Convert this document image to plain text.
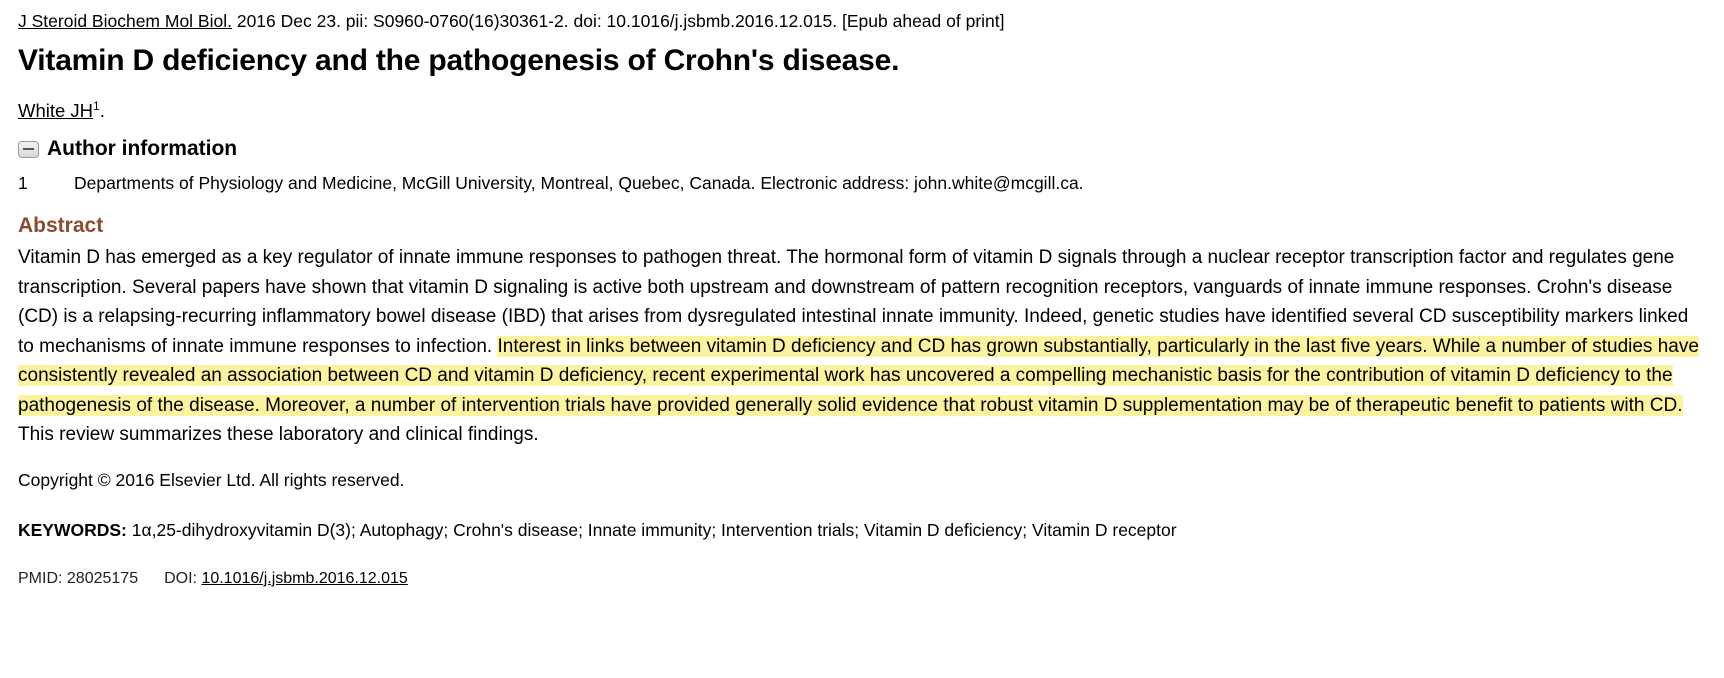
J Steroid Biochem Mol Biol. 2016 Dec 23. pii: S0960-0760(16)30361-2. doi: 10.1016/j.jsbmb.2016.12.015. [Epub ahead of print]
Vitamin D deficiency and the pathogenesis of Crohn's disease.
White $JH^1$.
Author information
1	Departments of Physiology and Medicine, McGill University, Montreal, Quebec, Canada. Electronic address: john.white@mcgill.ca.
Abstract

Vitamin D has emerged as a key regulator of innate immune responses to pathogen threat. The hormonal form of vitamin D signals through a nuclear receptor transcription factor and regulates gene transcription. Several papers have shown that vitamin D signaling is active both upstream and downstream of pattern recognition receptors, vanguards of innate immune responses. Crohn's disease (CD) is a relapsing-recurring inflammatory bowel disease (IBD) that arises from dysregulated intestinal innate immunity. Indeed, genetic studies have identified several CD susceptibility markers linked to mechanisms of innate immune responses to infection. Interest in links between vitamin D deficiency and CD has grown substantially, particularly in the last five years. While a number of studies have consistently revealed an association between CD and vitamin D deficiency, recent experimental work has uncovered a compelling mechanistic basis for the contribution of vitamin D deficiency to the pathogenesis of the disease. Moreover, a number of intervention trials have provided generally solid evidence that robust vitamin D supplementation may be of therapeutic benefit to patients with CD. This review summarizes these laboratory and clinical findings.

Copyright © 2016 Elsevier Ltd. All rights reserved.
KEYWORDS: 1α,25-dihydroxyvitamin D(3); Autophagy; Crohn's disease; Innate immunity; Intervention trials; Vitamin D deficiency; Vitamin D receptor
PMID: 28025175 DOI: 10.1016/j.jsbmb.2016.12.015
